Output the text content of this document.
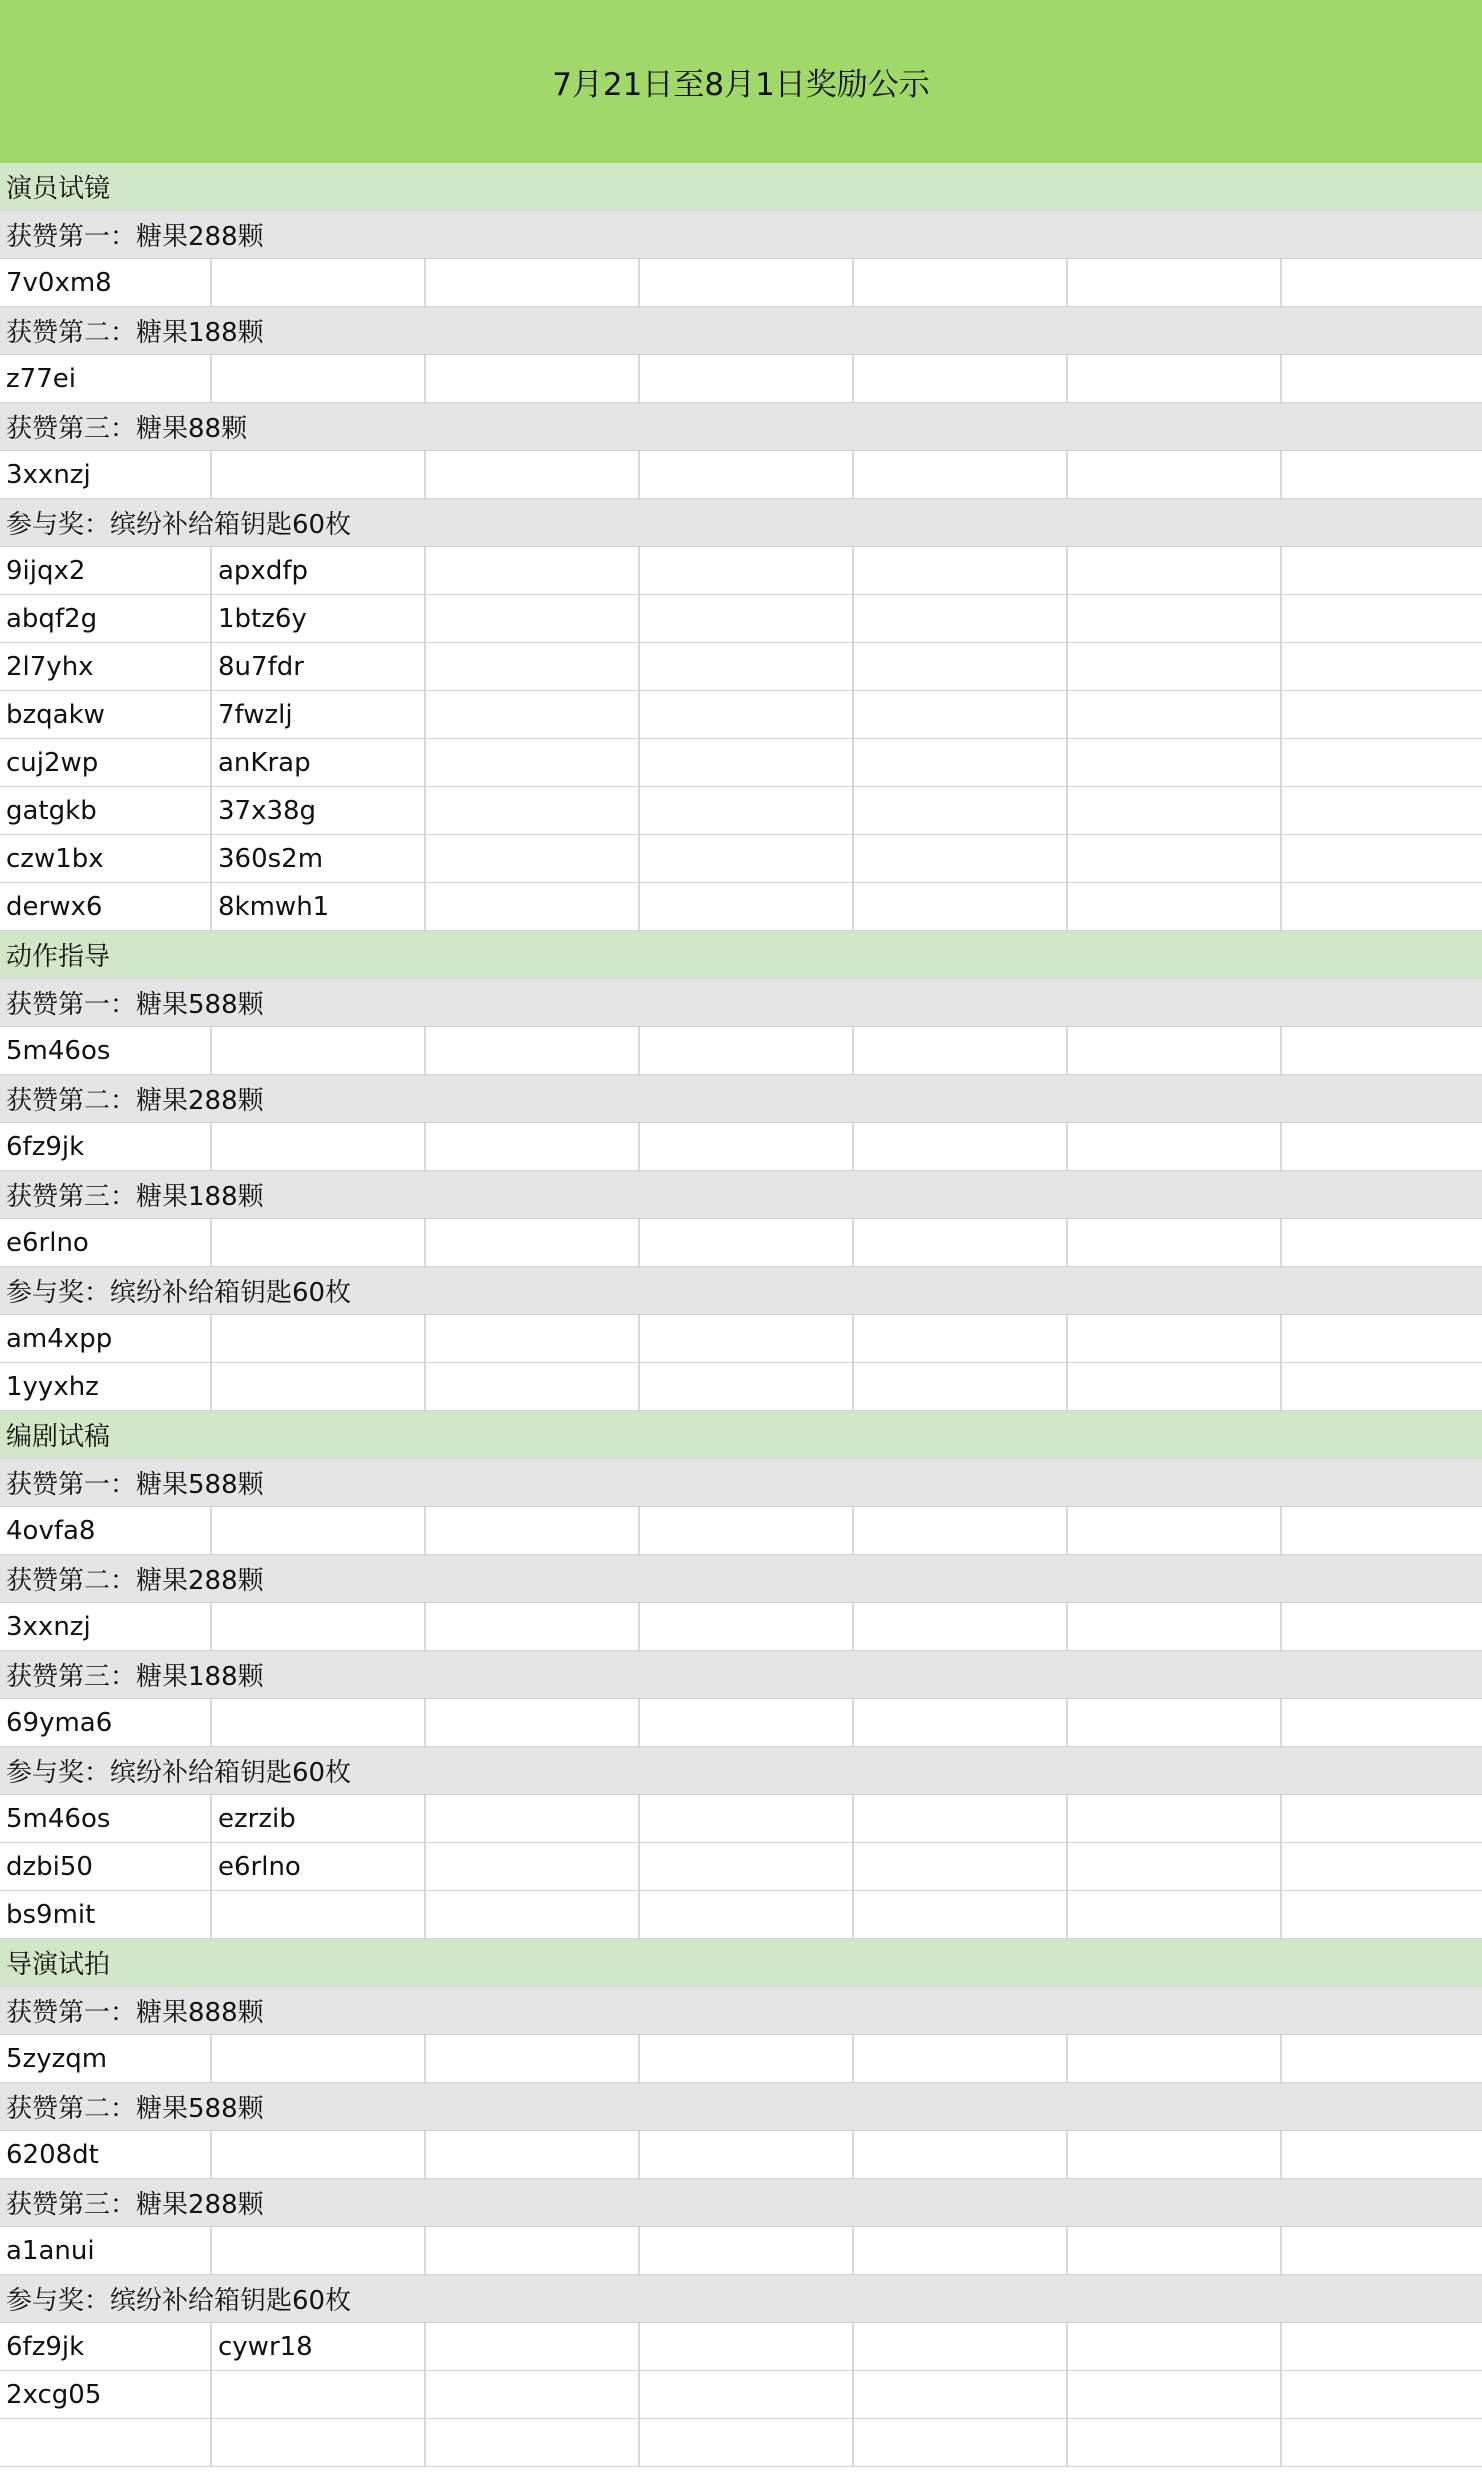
7月21日至8月1日奖励公示
演员试镜
获赞第一：糖果288颗
7v0xm8
获赞第二：糖果188颗
z77ei
获赞第三：糖果88颗
3xxnzj
参与奖：缤纷补给箱钥匙60枚
9ijqx2	apxdfp
abqf2g	1btz6y
2l7yhx	8u7fdr
bzqakw	7fwzlj
cuj2wp	anKrap
gatgkb	37x38g
czw1bx	360s2m
derwx6	8kmwh1
动作指导
获赞第一：糖果588颗
5m46os
获赞第二：糖果288颗
6fz9jk
获赞第三：糖果188颗
e6rlno
参与奖：缤纷补给箱钥匙60枚
am4xpp
1yyxhz
编剧试稿
获赞第一：糖果588颗
4ovfa8
获赞第二：糖果288颗
3xxnzj
获赞第三：糖果188颗
69yma6
参与奖：缤纷补给箱钥匙60枚
5m46os	ezrzib
dzbi50	e6rlno
bs9mit
导演试拍
获赞第一：糖果888颗
5zyzqm
获赞第二：糖果588颗
6208dt
获赞第三：糖果288颗
a1anui
参与奖：缤纷补给箱钥匙60枚
6fz9jk	cywr18
2xcg05
